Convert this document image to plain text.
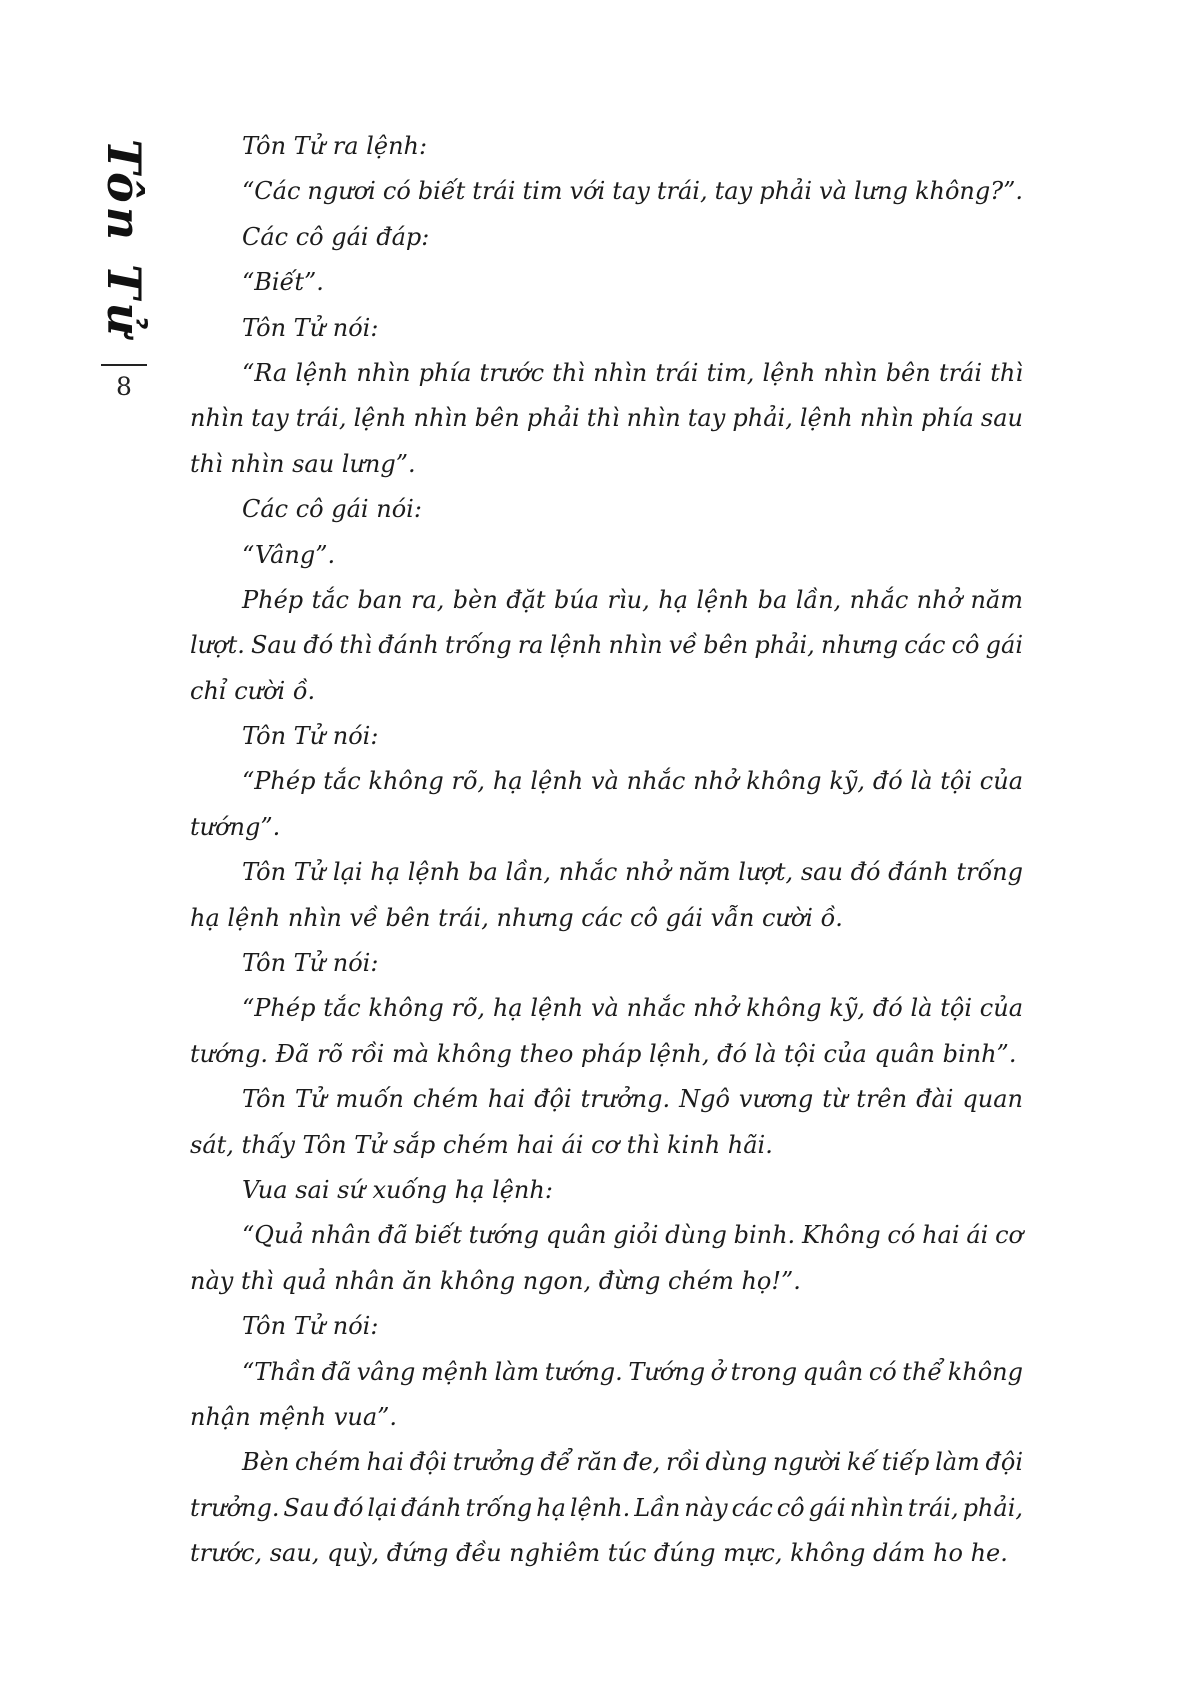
Tôn Tử
8
Tôn Tử ra lệnh:
“Các ngươi có biết trái tim với tay trái, tay phải và lưng không?”.
Các cô gái đáp:
“Biết”.
Tôn Tử nói:
“Ra lệnh nhìn phía trước thì nhìn trái tim, lệnh nhìn bên trái thì
nhìn tay trái, lệnh nhìn bên phải thì nhìn tay phải, lệnh nhìn phía sau
thì nhìn sau lưng”.
Các cô gái nói:
“Vâng”.
Phép tắc ban ra, bèn đặt búa rìu, hạ lệnh ba lần, nhắc nhở năm
lượt. Sau đó thì đánh trống ra lệnh nhìn về bên phải, nhưng các cô gái
chỉ cười ồ.
Tôn Tử nói:
“Phép tắc không rõ, hạ lệnh và nhắc nhở không kỹ, đó là tội của
tướng”.
Tôn Tử lại hạ lệnh ba lần, nhắc nhở năm lượt, sau đó đánh trống
hạ lệnh nhìn về bên trái, nhưng các cô gái vẫn cười ồ.
Tôn Tử nói:
“Phép tắc không rõ, hạ lệnh và nhắc nhở không kỹ, đó là tội của
tướng. Đã rõ rồi mà không theo pháp lệnh, đó là tội của quân binh”.
Tôn Tử muốn chém hai đội trưởng. Ngô vương từ trên đài quan
sát, thấy Tôn Tử sắp chém hai ái cơ thì kinh hãi.
Vua sai sứ xuống hạ lệnh:
“Quả nhân đã biết tướng quân giỏi dùng binh. Không có hai ái cơ
này thì quả nhân ăn không ngon, đừng chém họ!”.
Tôn Tử nói:
“Thần đã vâng mệnh làm tướng. Tướng ở trong quân có thể không
nhận mệnh vua”.
Bèn chém hai đội trưởng để răn đe, rồi dùng người kế tiếp làm đội
trưởng. Sau đó lại đánh trống hạ lệnh. Lần này các cô gái nhìn trái, phải,
trước, sau, quỳ, đứng đều nghiêm túc đúng mực, không dám ho he.
